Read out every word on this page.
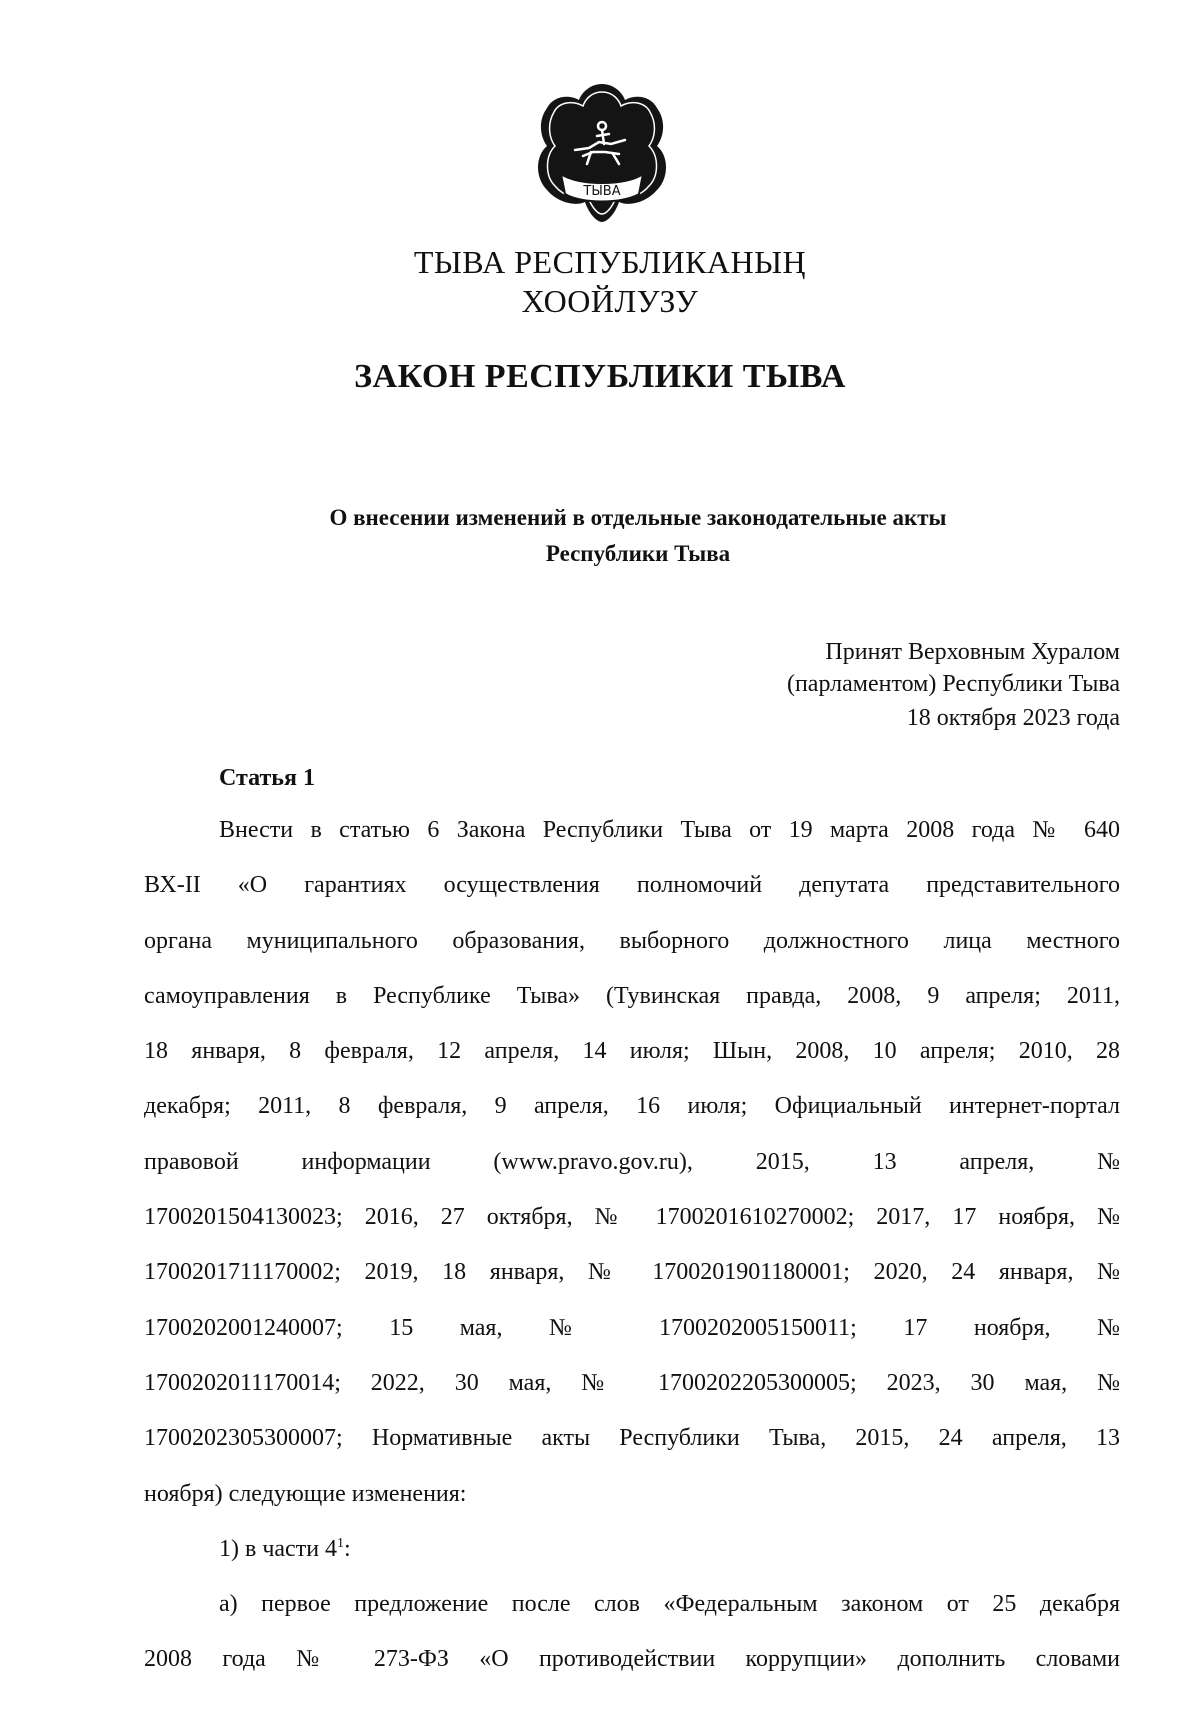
ТЫВА
ТЫВА РЕСПУБЛИКАНЫҢ
ХООЙЛУЗУ
ЗАКОН РЕСПУБЛИКИ ТЫВА
О внесении изменений в отдельные законодательные акты
Республики Тыва
Принят Верховным Хуралом
(парламентом) Республики Тыва
18 октября 2023 года
Статья 1
Внести в статью 6 Закона Республики Тыва от 19 марта 2008 года № 640
ВХ-II «О гарантиях осуществления полномочий депутата представительного
органа муниципального образования, выборного должностного лица местного
самоуправления в Республике Тыва» (Тувинская правда, 2008, 9 апреля; 2011,
18 января, 8 февраля, 12 апреля, 14 июля; Шын, 2008, 10 апреля; 2010, 28
декабря; 2011, 8 февраля, 9 апреля, 16 июля; Официальный интернет-портал
правовой информации (www.pravo.gov.ru), 2015, 13 апреля, №
1700201504130023; 2016, 27 октября, № 1700201610270002; 2017, 17 ноября, №
1700201711170002; 2019, 18 января, № 1700201901180001; 2020, 24 января, №
1700202001240007; 15 мая, № 1700202005150011; 17 ноября, №
1700202011170014; 2022, 30 мая, № 1700202205300005; 2023, 30 мая, №
1700202305300007; Нормативные акты Республики Тыва, 2015, 24 апреля, 13
ноября) следующие изменения:
1) в части $4^1$:
а) первое предложение после слов «Федеральным законом от 25 декабря
2008 года № 273-ФЗ «О противодействии коррупции» дополнить словами
